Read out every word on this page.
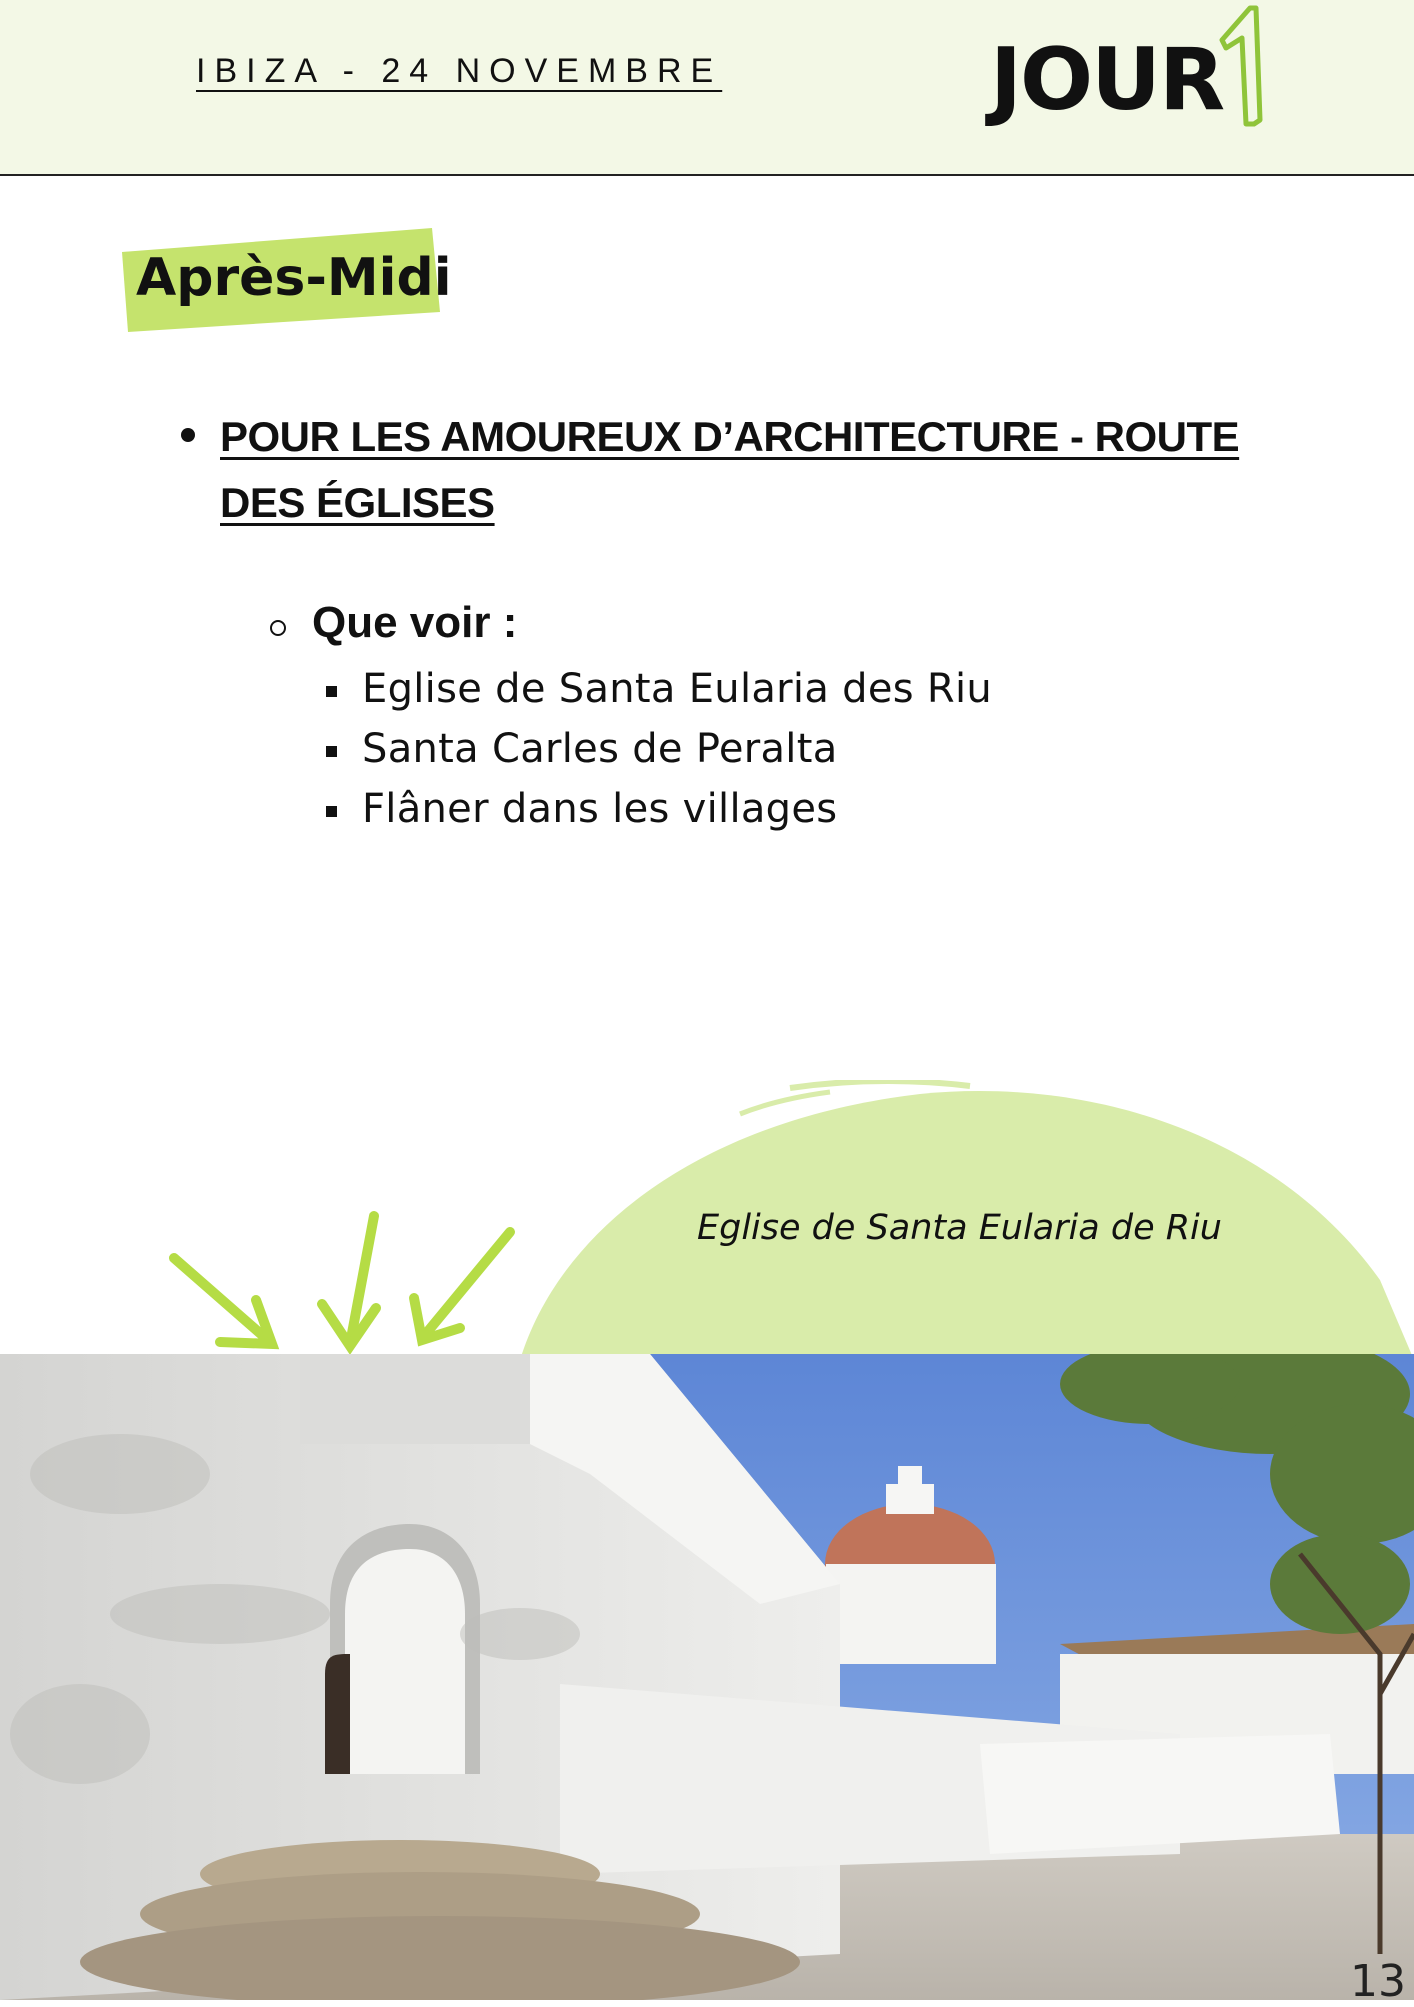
IBIZA - 24 NOVEMBRE	JOUR
Après-Midi
POUR LES AMOUREUX D’ARCHITECTURE - ROUTE DES ÉGLISES
Que voir :
Eglise de Santa Eularia des Riu
Santa Carles de Peralta
Flâner dans les villages
Eglise de Santa Eularia de Riu
13
